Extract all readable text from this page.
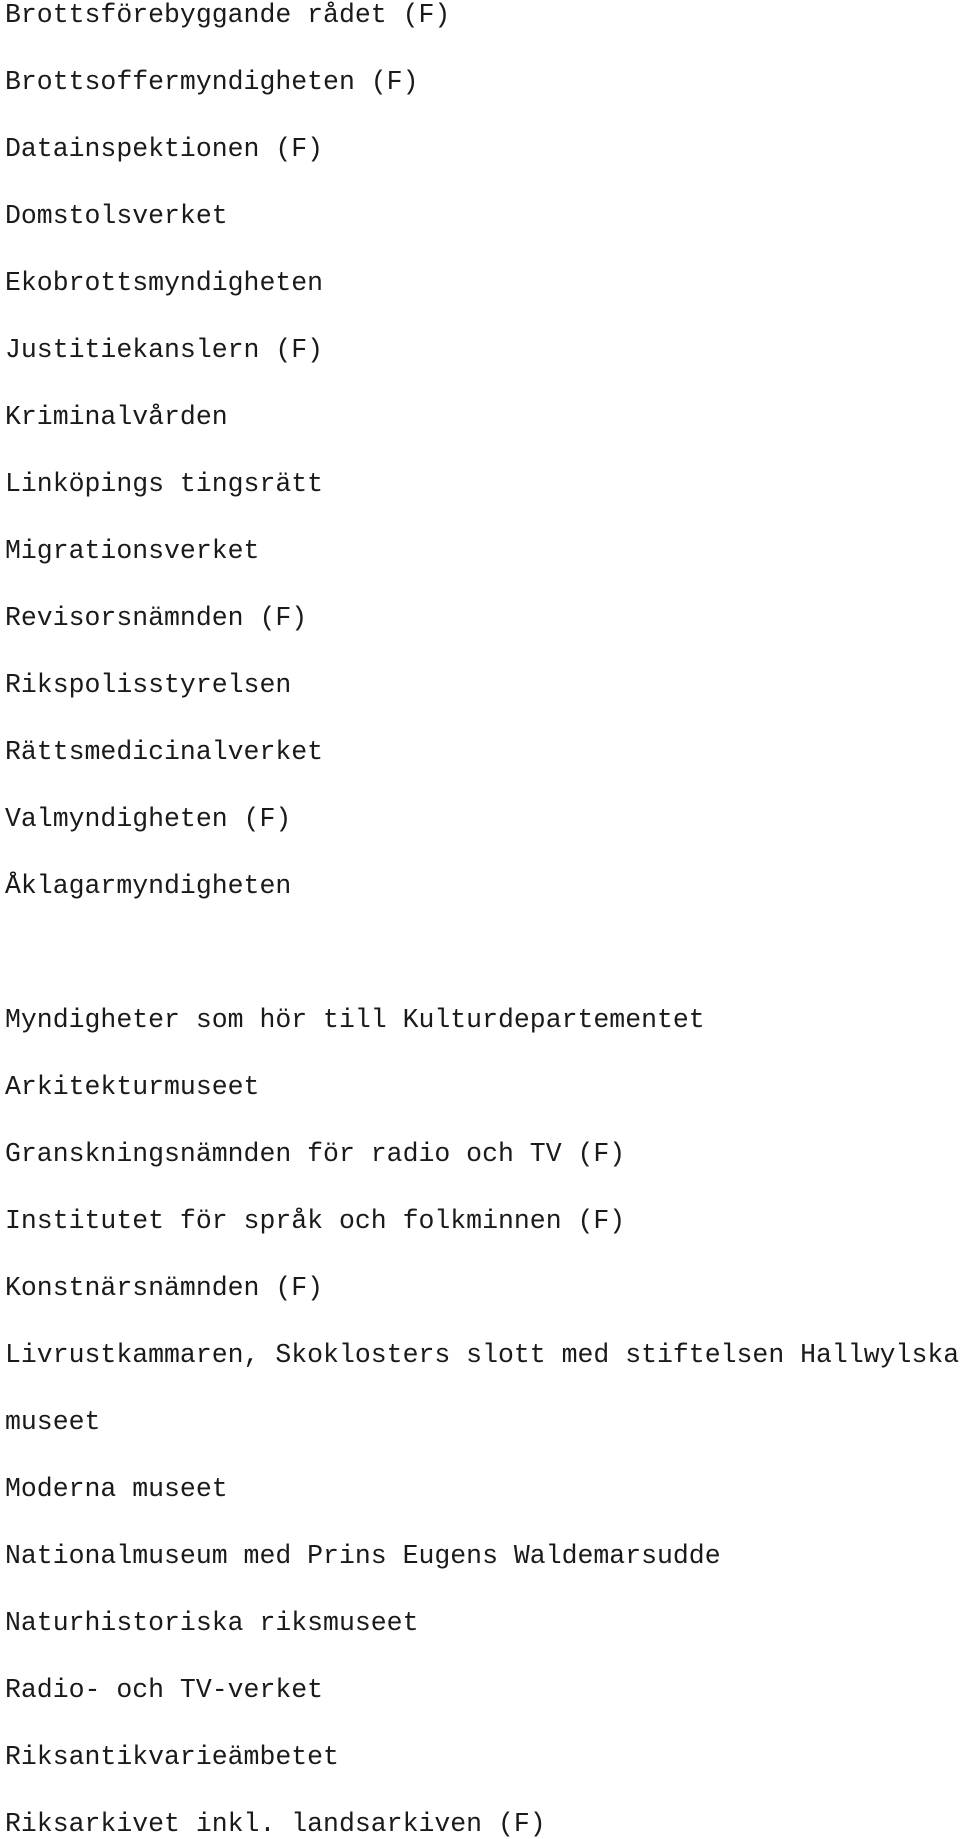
Brottsförebyggande rådet (F)

Brottsoffermyndigheten (F)

Datainspektionen (F)

Domstolsverket

Ekobrottsmyndigheten

Justitiekanslern (F)

Kriminalvården

Linköpings tingsrätt

Migrationsverket

Revisorsnämnden (F)

Rikspolisstyrelsen

Rättsmedicinalverket

Valmyndigheten (F)

Åklagarmyndigheten

Myndigheter som hör till Kulturdepartementet

Arkitekturmuseet

Granskningsnämnden för radio och TV (F)

Institutet för språk och folkminnen (F)

Konstnärsnämnden (F)

Livrustkammaren, Skoklosters slott med stiftelsen Hallwylska

museet

Moderna museet

Nationalmuseum med Prins Eugens Waldemarsudde

Naturhistoriska riksmuseet

Radio- och TV-verket

Riksantikvarieämbetet

Riksarkivet inkl. landsarkiven (F)
